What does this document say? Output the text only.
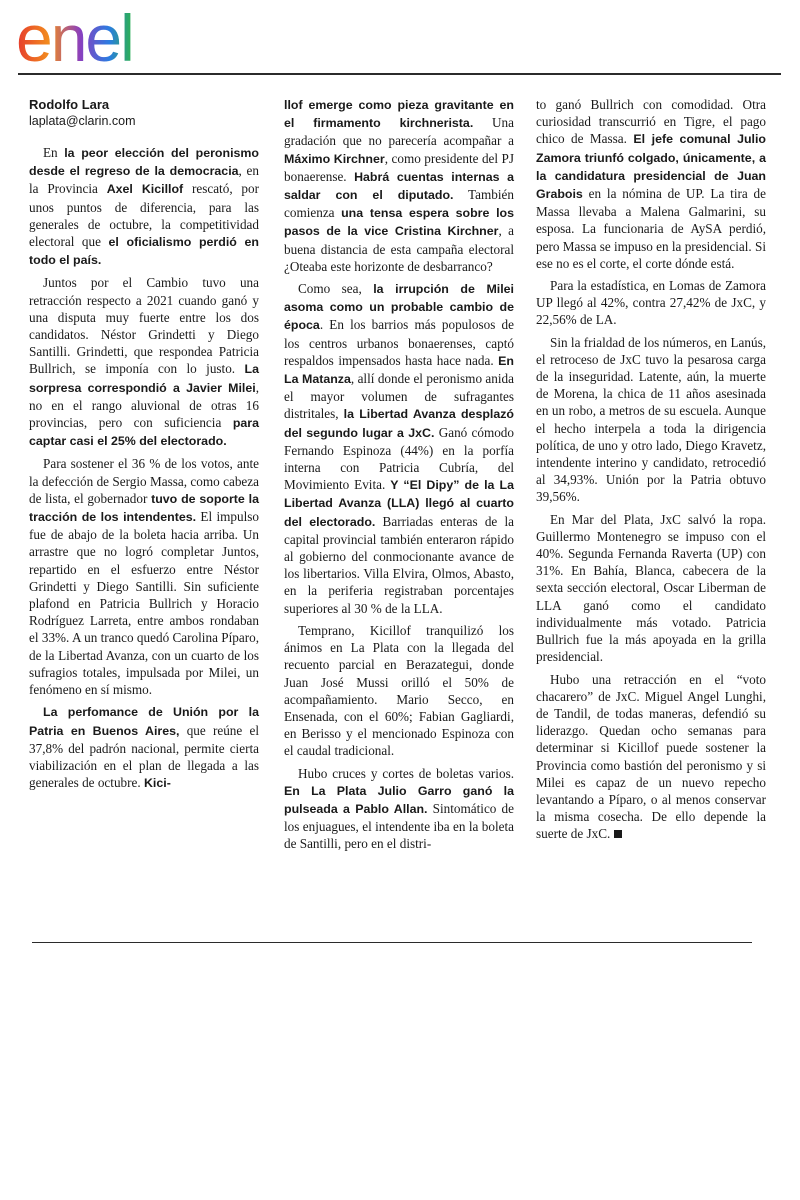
enel
Rodolfo Lara
laplata@clarin.com

En la peor elección del peronismo desde el regreso de la democracia, en la Provincia Axel Kicillof rescató, por unos puntos de diferencia, para las generales de octubre, la competitividad electoral que el oficialismo perdió en todo el país.

Juntos por el Cambio tuvo una retracción respecto a 2021 cuando ganó y una disputa muy fuerte entre los dos candidatos. Néstor Grindetti y Diego Santilli. Grindetti, que respondea Patricia Bullrich, se imponía con lo justo. La sorpresa correspondió a Javier Milei, no en el rango aluvional de otras 16 provincias, pero con suficiencia para captar casi el 25% del electorado.

Para sostener el 36 % de los votos, ante la defección de Sergio Massa, como cabeza de lista, el gobernador tuvo de soporte la tracción de los intendentes. El impulso fue de abajo de la boleta hacia arriba. Un arrastre que no logró completar Juntos, repartido en el esfuerzo entre Néstor Grindetti y Diego Santilli. Sin suficiente plafond en Patricia Bullrich y Horacio Rodríguez Larreta, entre ambos rondaban el 33%. A un tranco quedó Carolina Píparo, de la Libertad Avanza, con un cuarto de los sufragios totales, impulsada por Milei, un fenómeno en sí mismo.

La perfomance de Unión por la Patria en Buenos Aires, que reúne el 37,8% del padrón nacional, permite cierta viabilización en el plan de llegada a las generales de octubre. Kici-

llof emerge como pieza gravitante en el firmamento kirchnerista. Una gradación que no parecería acompañar a Máximo Kirchner, como presidente del PJ bonaerense. Habrá cuentas internas a saldar con el diputado. También comienza una tensa espera sobre los pasos de la vice Cristina Kirchner, a buena distancia de esta campaña electoral ¿Oteaba este horizonte de desbarranco?

Como sea, la irrupción de Milei asoma como un probable cambio de época. En los barrios más populosos de los centros urbanos bonaerenses, captó respaldos impensados hasta hace nada. En La Matanza, allí donde el peronismo anida el mayor volumen de sufragantes distritales, la Libertad Avanza desplazó del segundo lugar a JxC. Ganó cómodo Fernando Espinoza (44%) en la porfía interna con Patricia Cubría, del Movimiento Evita. Y “El Dipy” de la La Libertad Avanza (LLA) llegó al cuarto del electorado. Barriadas enteras de la capital provincial también enteraron rápido al gobierno del conmocionante avance de los libertarios. Villa Elvira, Olmos, Abasto, en la periferia registraban porcentajes superiores al 30 % de la LLA.

Temprano, Kicillof tranquilizó los ánimos en La Plata con la llegada del recuento parcial en Berazategui, donde Juan José Mussi orilló el 50% de acompañamiento. Mario Secco, en Ensenada, con el 60%; Fabian Gagliardi, en Berisso y el mencionado Espinoza con el caudal tradicional.

Hubo cruces y cortes de boletas varios. En La Plata Julio Garro ganó la pulseada a Pablo Allan. Sintomático de los enjuagues, el intendente iba en la boleta de Santilli, pero en el distri-

to ganó Bullrich con comodidad. Otra curiosidad transcurrió en Tigre, el pago chico de Massa. El jefe comunal Julio Zamora triunfó colgado, únicamente, a la candidatura presidencial de Juan Grabois en la nómina de UP. La tira de Massa llevaba a Malena Galmarini, su esposa. La funcionaria de AySA perdió, pero Massa se impuso en la presidencial. Si ese no es el corte, el corte dónde está.

Para la estadística, en Lomas de Zamora UP llegó al 42%, contra 27,42% de JxC, y 22,56% de LA.

Sin la frialdad de los números, en Lanús, el retroceso de JxC tuvo la pesarosa carga de la inseguridad. Latente, aún, la muerte de Morena, la chica de 11 años asesinada en un robo, a metros de su escuela. Aunque el hecho interpela a toda la dirigencia política, de uno y otro lado, Diego Kravetz, intendente interino y candidato, retrocedió al 34,93%. Unión por la Patria obtuvo 39,56%.

En Mar del Plata, JxC salvó la ropa. Guillermo Montenegro se impuso con el 40%. Segunda Fernanda Raverta (UP) con 31%. En Bahía, Blanca, cabecera de la sexta sección electoral, Oscar Liberman de LLA ganó como el candidato individualmente más votado. Patricia Bullrich fue la más apoyada en la grilla presidencial.

Hubo una retracción en el “voto chacarero” de JxC. Miguel Angel Lunghi, de Tandil, de todas maneras, defendió su liderazgo. Quedan ocho semanas para determinar si Kicillof puede sostener la Provincia como bastión del peronismo y si Milei es capaz de un nuevo repecho levantando a Píparo, o al menos conservar la misma cosecha. De ello depende la suerte de JxC.
